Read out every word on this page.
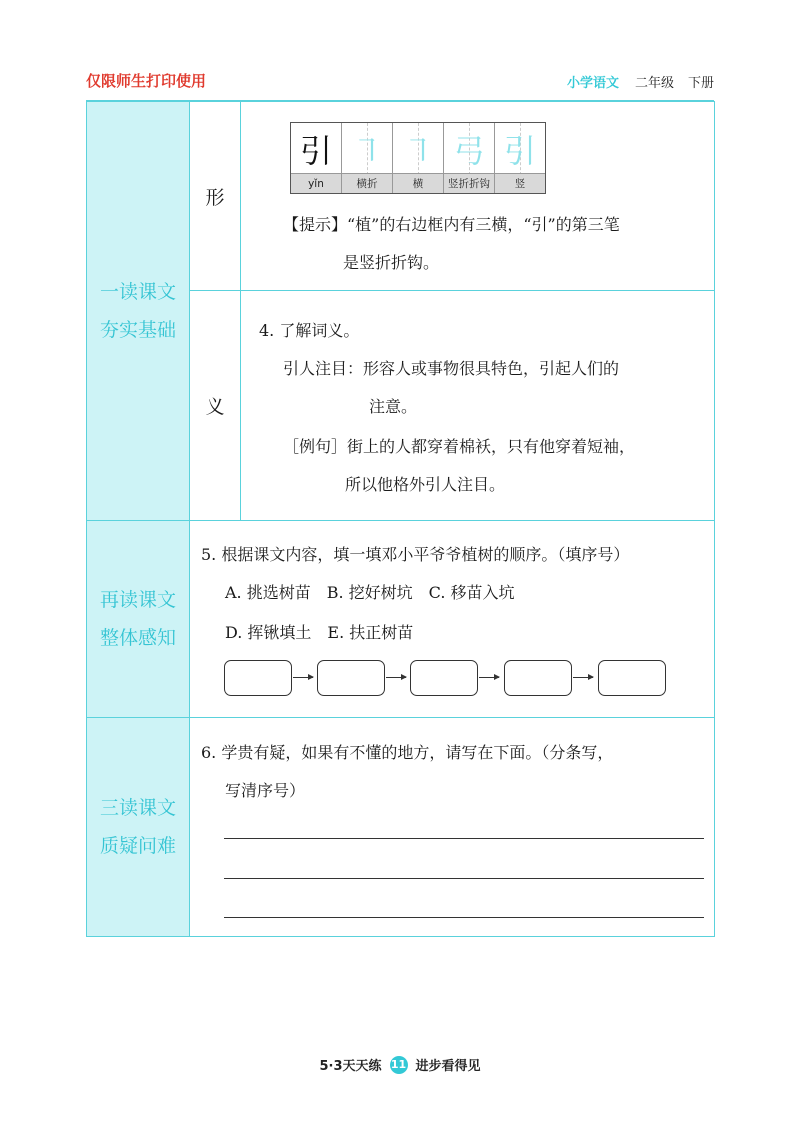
仅限师生打印使用	小学语文 二年级 下册
一读课文
夯实基础
再读课文
整体感知
三读课文
质疑问难
形
义
引
yǐn
㇕
横折
㇕
横
弓
竖折折钩
引
竖
【提示】“植”的右边框内有三横，“引”的第三笔
是竖折折钩。
4. 了解词义。
引人注目：形容人或事物很具特色，引起人们的
注意。
［例句］街上的人都穿着棉袄，只有他穿着短袖，
所以他格外引人注目。
5. 根据课文内容，填一填邓小平爷爷植树的顺序。（填序号）
A. 挑选树苗　B. 挖好树坑　C. 移苗入坑
D. 挥锹填土　E. 扶正树苗
6. 学贵有疑，如果有不懂的地方，请写在下面。（分条写，
写清序号）
5·3天天练 11 进步看得见
